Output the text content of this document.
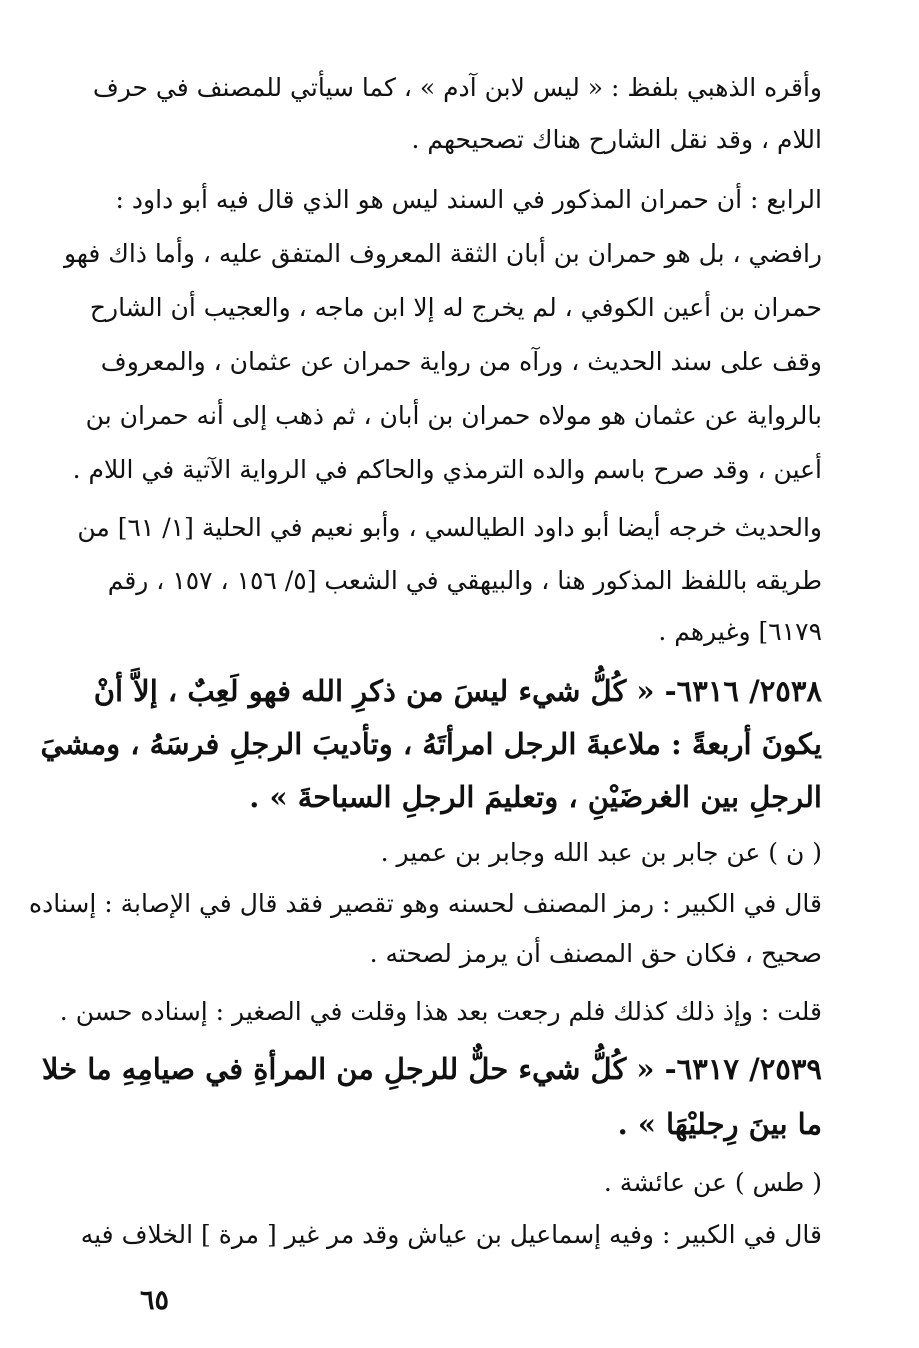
وأقره الذهبي بلفظ : « ليس لابن آدم » ، كما سيأتي للمصنف في حرف
اللام ، وقد نقل الشارح هناك تصحيحهم .
الرابع : أن حمران المذكور في السند ليس هو الذي قال فيه أبو داود :
رافضي ، بل هو حمران بن أبان الثقة المعروف المتفق عليه ، وأما ذاك فهو
حمران بن أعين الكوفي ، لم يخرج له إلا ابن ماجه ، والعجيب أن الشارح
وقف على سند الحديث ، ورآه من رواية حمران عن عثمان ، والمعروف
بالرواية عن عثمان هو مولاه حمران بن أبان ، ثم ذهب إلى أنه حمران بن
أعين ، وقد صرح باسم والده الترمذي والحاكم في الرواية الآتية في اللام .
والحديث خرجه أيضا أبو داود الطيالسي ، وأبو نعيم في الحلية [١/ ٦١] من
طريقه باللفظ المذكور هنا ، والبيهقي في الشعب [٥/ ١٥٦ ، ١٥٧ ، رقم
٦١٧٩] وغيرهم .
٢٥٣٨/ ٦٣١٦- « كُلُّ شيء ليسَ من ذكرِ الله فهو لَعِبٌ ، إلاَّ أنْ
يكونَ أربعةً : ملاعبةَ الرجل امرأتَهُ ، وتأديبَ الرجلِ فرسَهُ ، ومشيَ
الرجلِ بين الغرضَيْنِ ، وتعليمَ الرجلِ السباحةَ » .
( ن ) عن جابر بن عبد الله وجابر بن عمير .
قال في الكبير : رمز المصنف لحسنه وهو تقصير فقد قال في الإصابة : إسناده
صحيح ، فكان حق المصنف أن يرمز لصحته .
قلت : وإذ ذلك كذلك فلم رجعت بعد هذا وقلت في الصغير : إسناده حسن .
٢٥٣٩/ ٦٣١٧- « كُلُّ شيء حلٌّ للرجلِ من المرأةِ في صيامِهِ ما خلا
ما بينَ رِجليْهَا » .
( طس ) عن عائشة .
قال في الكبير : وفيه إسماعيل بن عياش وقد مر غير [ مرة ] الخلاف فيه
٦٥
